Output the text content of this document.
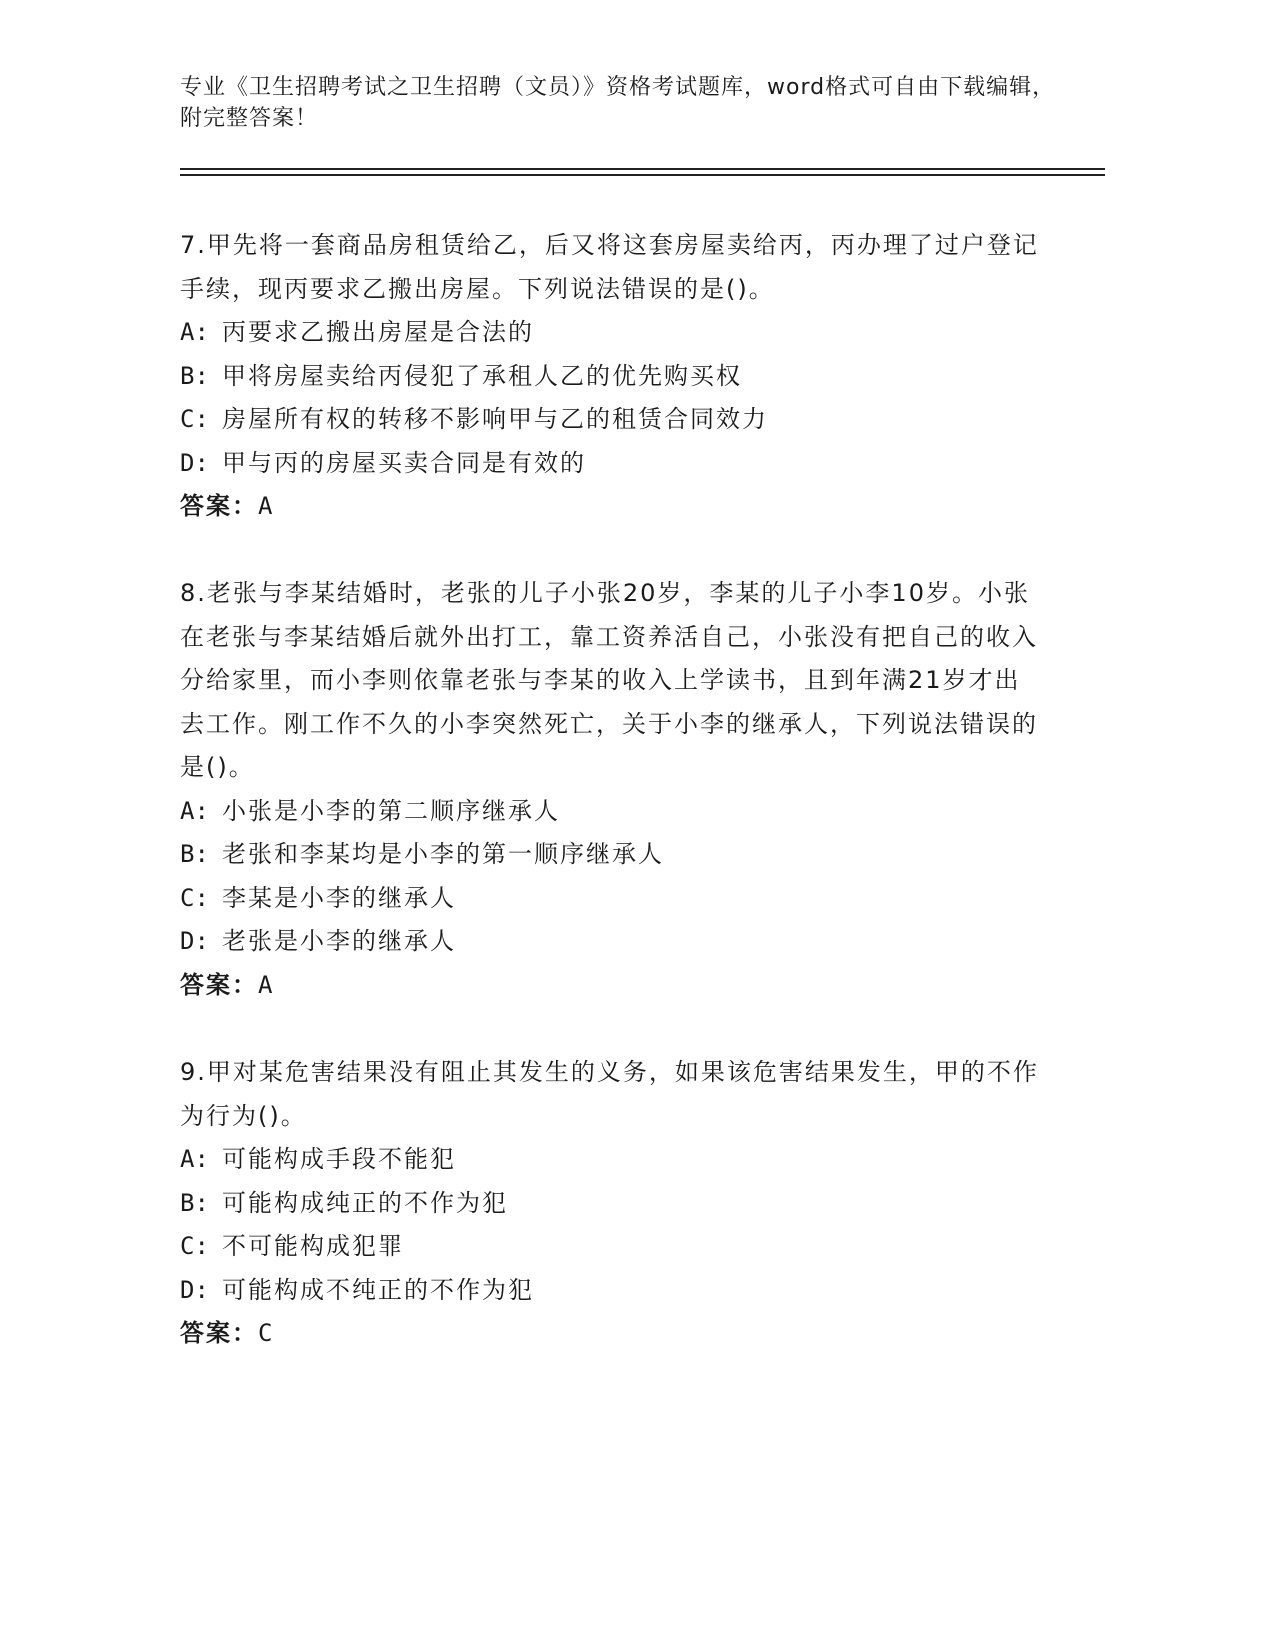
专业《卫生招聘考试之卫生招聘（文员）》资格考试题库，word格式可自由下载编辑，附完整答案！
7.甲先将一套商品房租赁给乙，后又将这套房屋卖给丙，丙办理了过户登记手续，现丙要求乙搬出房屋。下列说法错误的是()。
A: 丙要求乙搬出房屋是合法的
B: 甲将房屋卖给丙侵犯了承租人乙的优先购买权
C: 房屋所有权的转移不影响甲与乙的租赁合同效力
D: 甲与丙的房屋买卖合同是有效的
答案：A
8.老张与李某结婚时，老张的儿子小张20岁，李某的儿子小李10岁。小张在老张与李某结婚后就外出打工，靠工资养活自己，小张没有把自己的收入分给家里，而小李则依靠老张与李某的收入上学读书，且到年满21岁才出去工作。刚工作不久的小李突然死亡，关于小李的继承人，下列说法错误的是()。
A: 小张是小李的第二顺序继承人
B: 老张和李某均是小李的第一顺序继承人
C: 李某是小李的继承人
D: 老张是小李的继承人
答案：A
9.甲对某危害结果没有阻止其发生的义务，如果该危害结果发生，甲的不作为行为()。
A: 可能构成手段不能犯
B: 可能构成纯正的不作为犯
C: 不可能构成犯罪
D: 可能构成不纯正的不作为犯
答案：C
